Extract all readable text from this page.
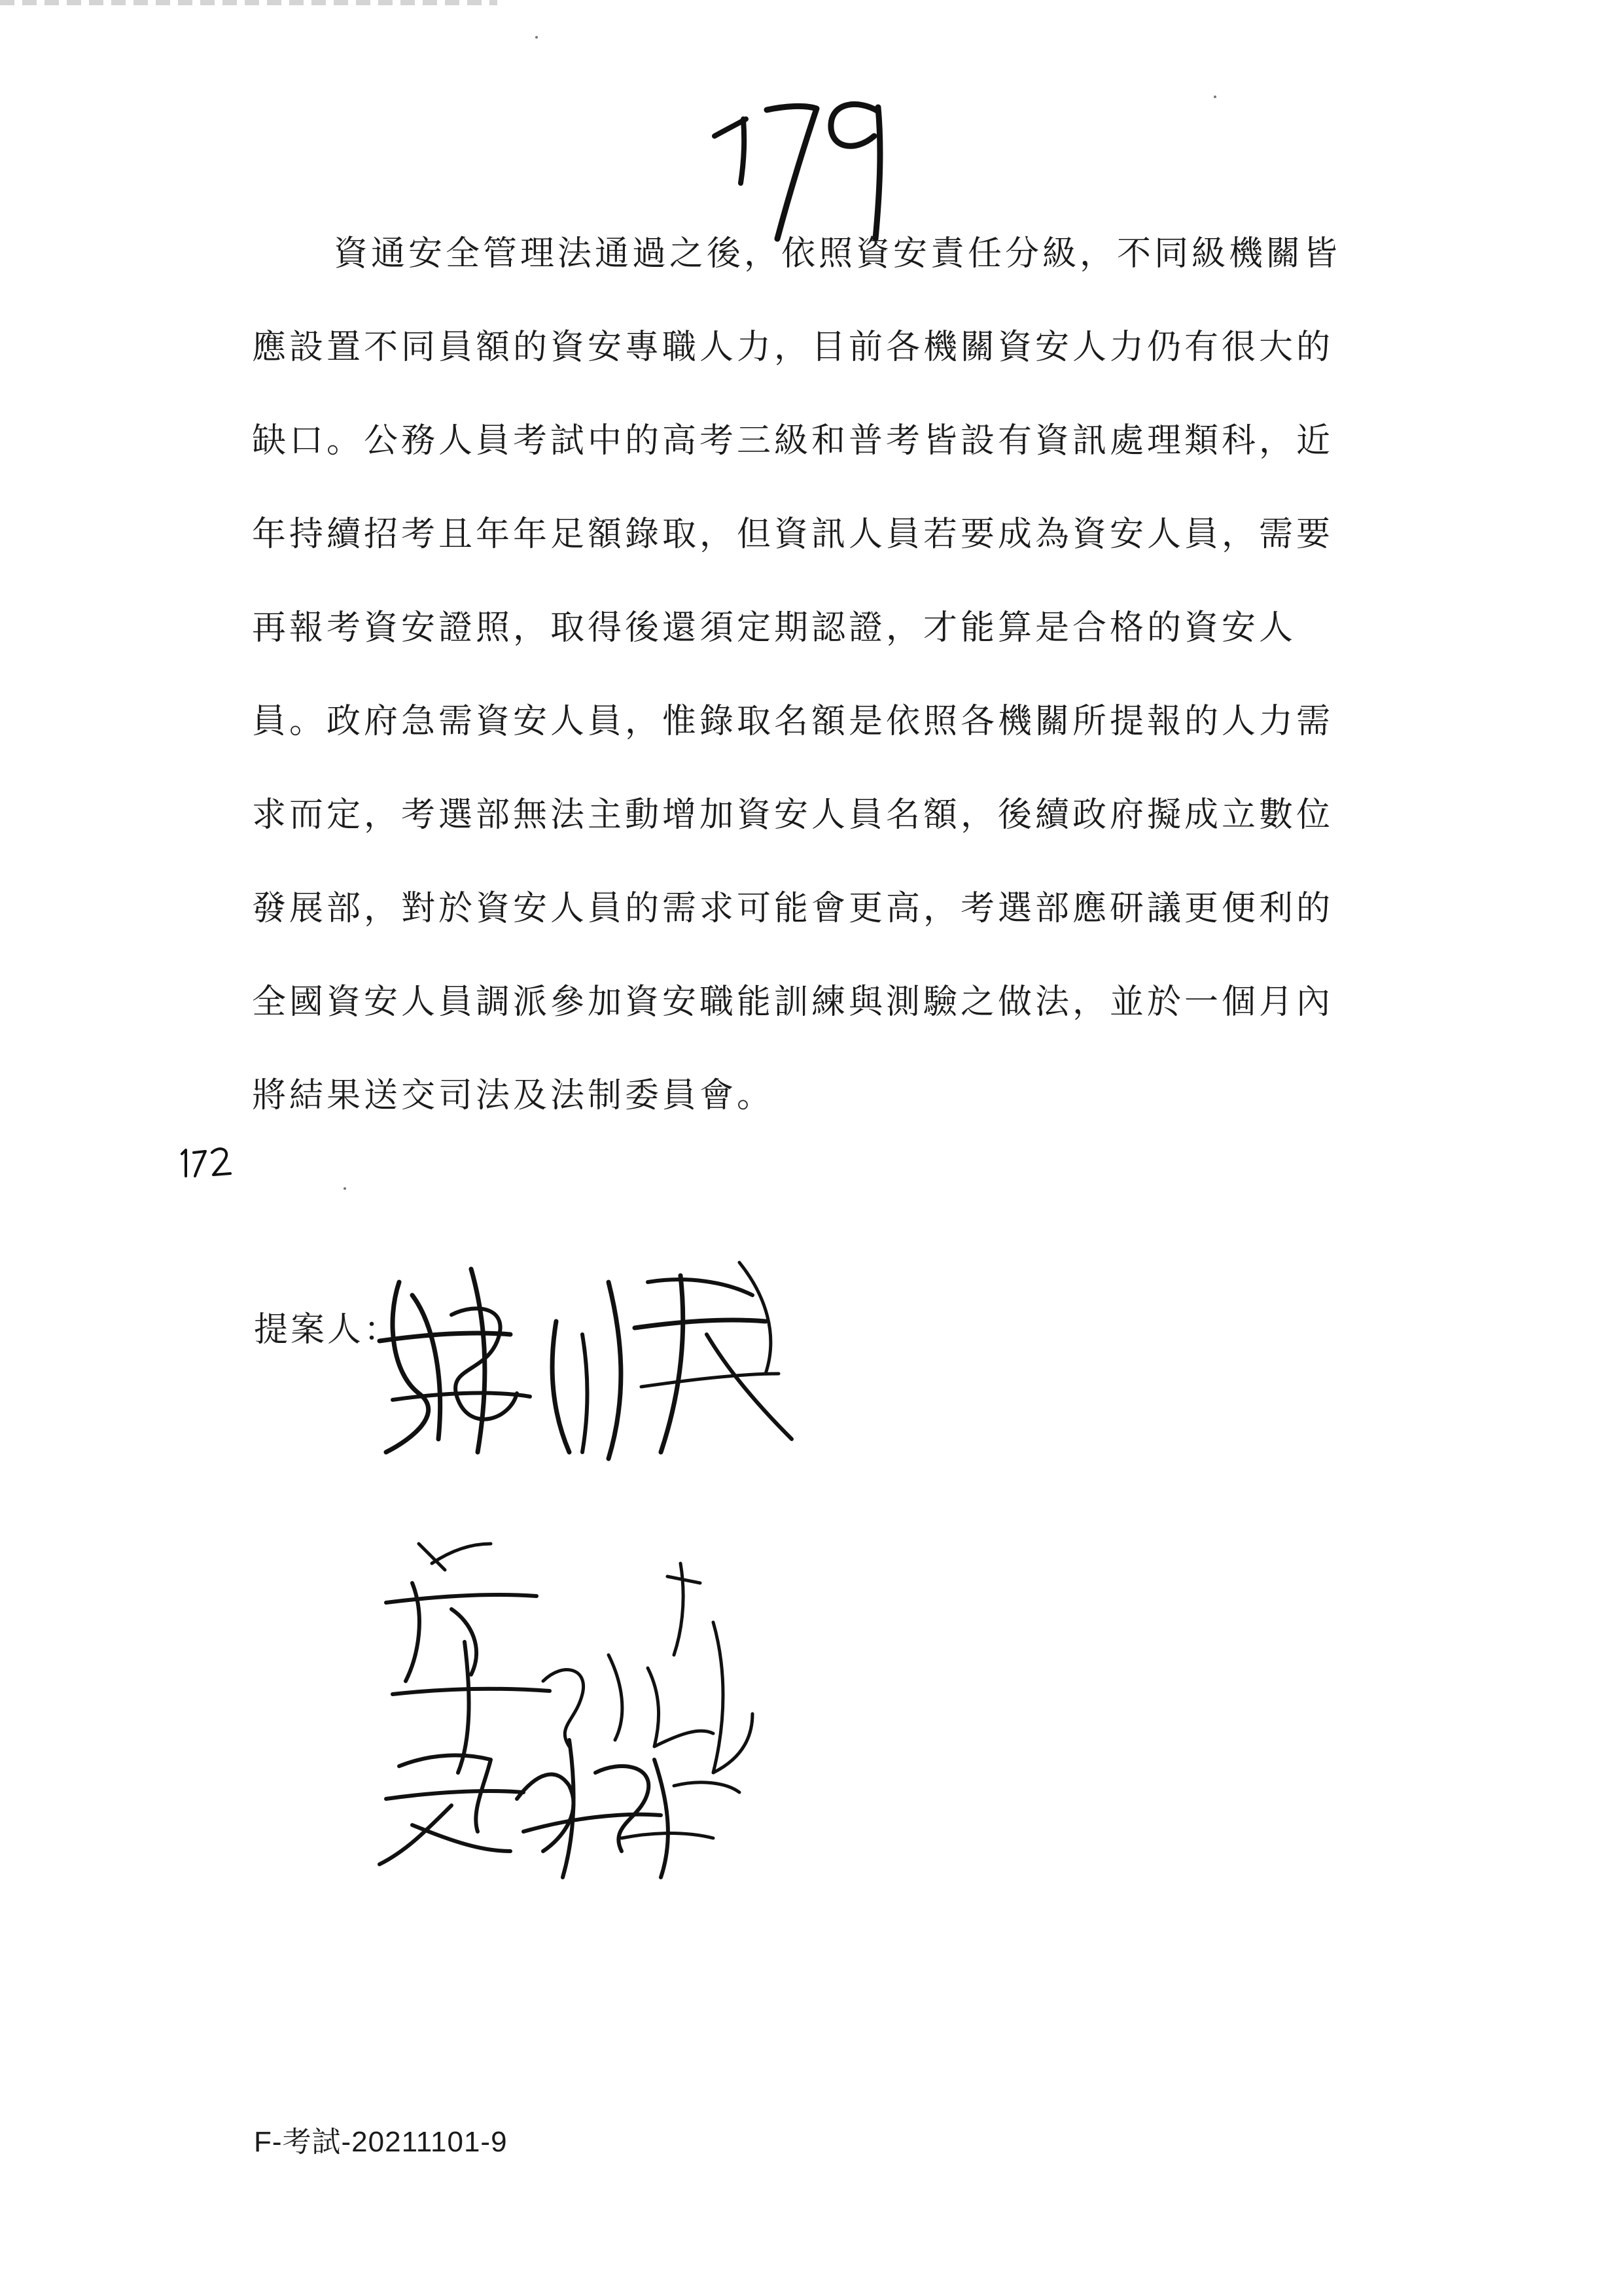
資通安全管理法通過之後，依照資安責任分級，不同級機關皆
應設置不同員額的資安專職人力，目前各機關資安人力仍有很大的
缺口。公務人員考試中的高考三級和普考皆設有資訊處理類科，近
年持續招考且年年足額錄取，但資訊人員若要成為資安人員，需要
再報考資安證照，取得後還須定期認證，才能算是合格的資安人
員。政府急需資安人員，惟錄取名額是依照各機關所提報的人力需
求而定，考選部無法主動增加資安人員名額，後續政府擬成立數位
發展部，對於資安人員的需求可能會更高，考選部應研議更便利的
全國資安人員調派參加資安職能訓練與測驗之做法，並於一個月內
將結果送交司法及法制委員會。
提案人：
F-考試-20211101-9
